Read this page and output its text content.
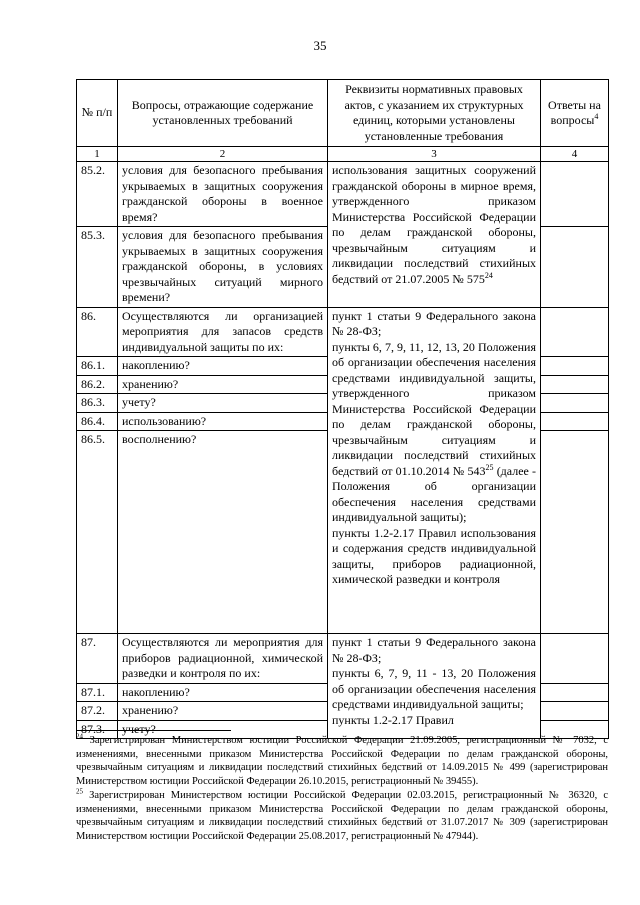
35
№ п/п	Вопросы, отражающие содержание установленных требований	Реквизиты нормативных правовых актов, с указанием их структурных единиц, которыми установлены установленные требования	Ответы на вопросы$^4$
1	2	3	4
85.2.	условия для безопасного пребывания укрываемых в защитных сооружения гражданской обороны в военное время?	использования защитных сооружений гражданской обороны в мирное время, утвержденного приказом Министерства Российской Федерации по делам гражданской обороны, чрезвычайным ситуациям и ликвидации последствий стихийных бедствий от 21.07.2005 № $575^{24}$	
85.3.	условия для безопасного пребывания укрываемых в защитных сооружения гражданской обороны, в условиях чрезвычайных ситуаций мирного времени?		
86.	Осуществляются ли организацией мероприятия для запасов средств индивидуальной защиты по их:	пункт 1 статьи 9 Федерального закона № 28-ФЗ;
пункты 6, 7, 9, 11, 12, 13, 20 Положения об организации обеспечения населения средствами индивидуальной защиты, утвержденного приказом Министерства Российской Федерации по делам гражданской обороны, чрезвычайным ситуациям и ликвидации последствий стихийных бедствий от 01.10.2014 № $543^{25}$ (далее - Положения об организации обеспечения населения средствами индивидуальной защиты);
пункты 1.2-2.17 Правил использования и содержания средств индивидуальной защиты, приборов радиационной, химической разведки и контроля	

86.1.	накоплению?		
86.2.	хранению?		
86.3.	учету?		
86.4.	использованию?		
86.5.	восполнению?		
87.	Осуществляются ли мероприятия для приборов радиационной, химической разведки и контроля по их:	пункт 1 статьи 9 Федерального закона № 28-ФЗ;
пункты 6, 7, 9, 11 - 13, 20 Положения об организации обеспечения населения средствами индивидуальной защиты;
пункты 1.2-2.17 Правил	

87.1.	накоплению?		
87.2.	хранению?		
87.3.	учету?		

$^{24}$ Зарегистрирован Министерством юстиции Российской Федерации 21.09.2005, регистрационный № 7032, с изменениями, внесенными приказом Министерства Российской Федерации по делам гражданской обороны, чрезвычайным ситуациям и ликвидации последствий стихийных бедствий от 14.09.2015 № 499 (зарегистрирован Министерством юстиции Российской Федерации 26.10.2015, регистрационный № 39455).

$^{25}$ Зарегистрирован Министерством юстиции Российской Федерации 02.03.2015, регистрационный № 36320, с изменениями, внесенными приказом Министерства Российской Федерации по делам гражданской обороны, чрезвычайным ситуациям и ликвидации последствий стихийных бедствий от 31.07.2017 № 309 (зарегистрирован Министерством юстиции Российской Федерации 25.08.2017, регистрационный № 47944).
